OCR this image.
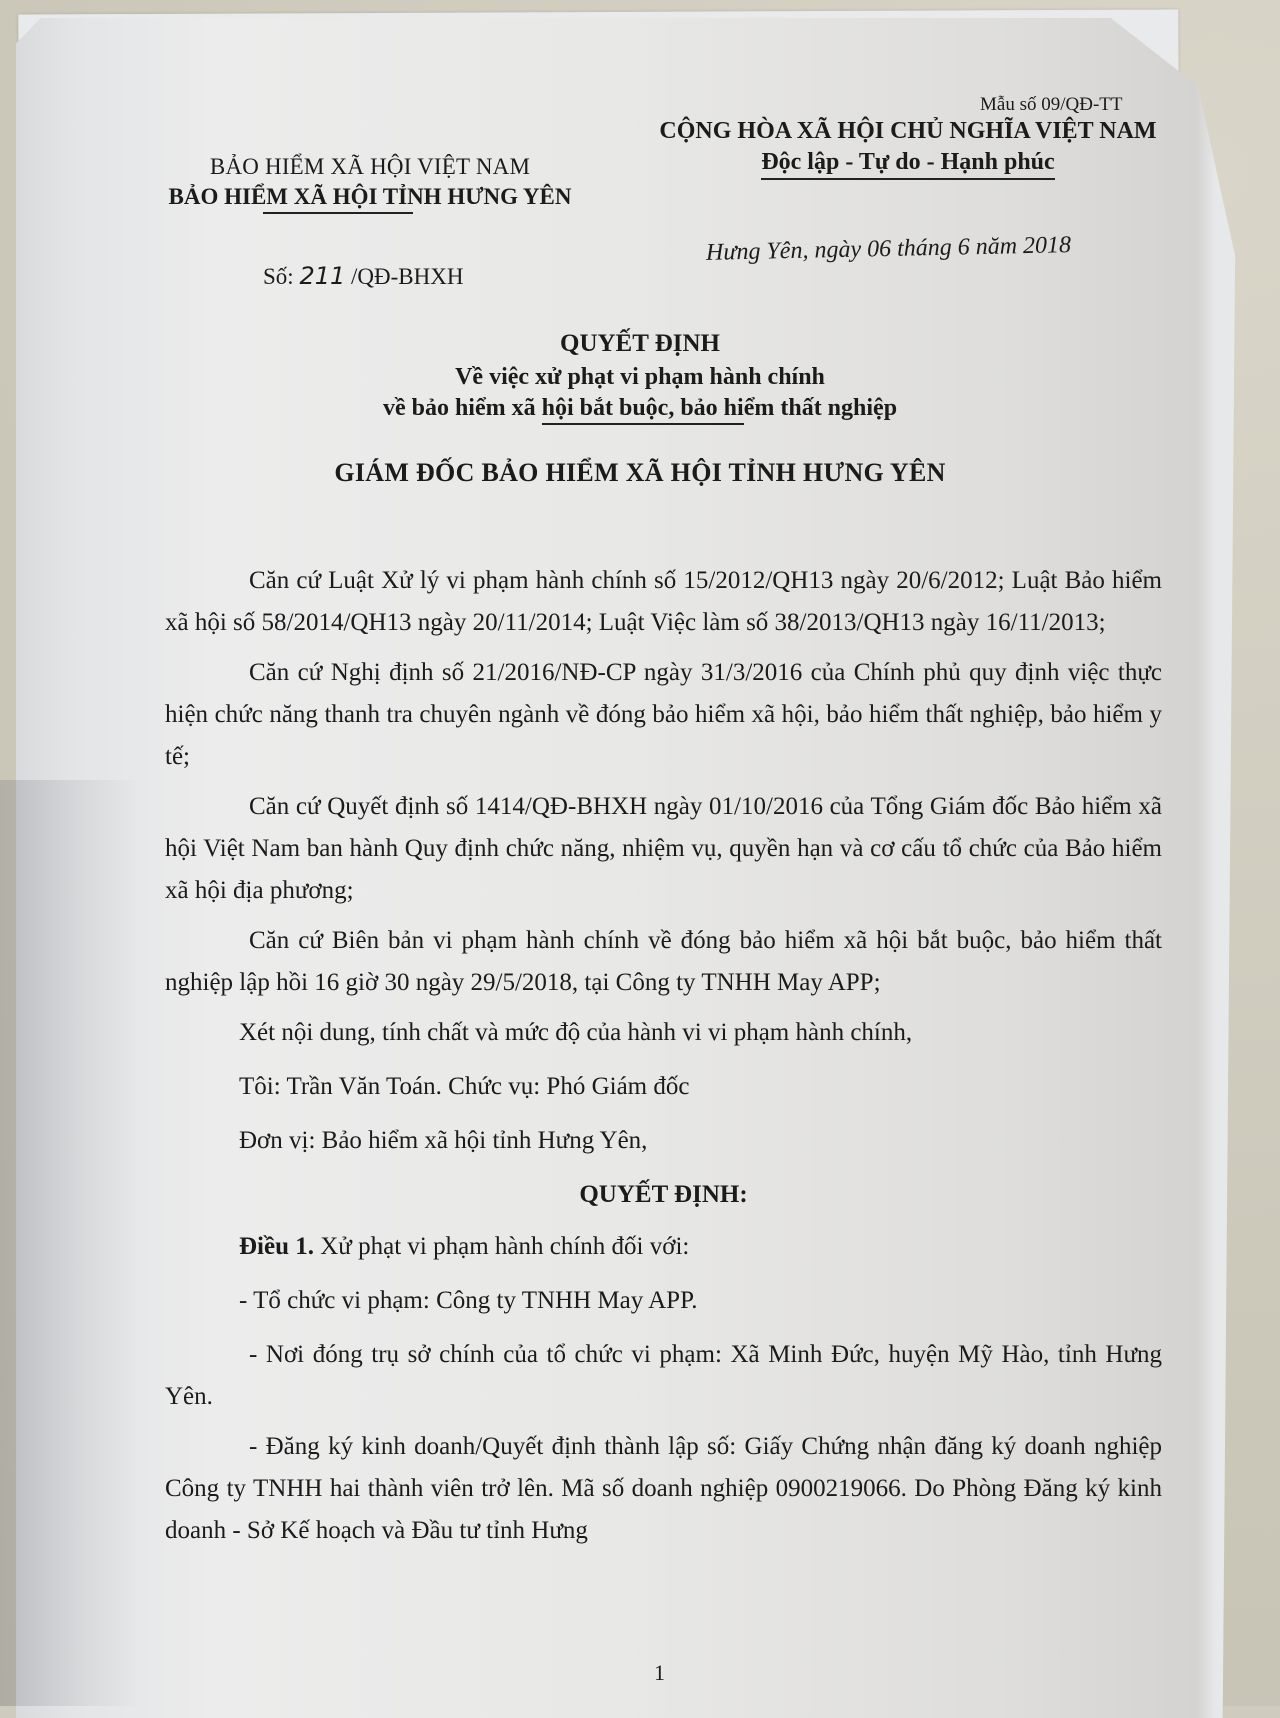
Mẫu số 09/QĐ-TT
BẢO HIỂM XÃ HỘI VIỆT NAM
BẢO HIỂM XÃ HỘI TỈNH HƯNG YÊN
CỘNG HÒA XÃ HỘI CHỦ NGHĨA VIỆT NAM
Độc lập - Tự do - Hạnh phúc
Số: 211 /QĐ-BHXH
Hưng Yên, ngày 06 tháng 6 năm 2018
QUYẾT ĐỊNH
Về việc xử phạt vi phạm hành chính
về bảo hiểm xã hội bắt buộc, bảo hiểm thất nghiệp
GIÁM ĐỐC BẢO HIỂM XÃ HỘI TỈNH HƯNG YÊN

Căn cứ Luật Xử lý vi phạm hành chính số 15/2012/QH13 ngày 20/6/2012; Luật Bảo hiểm xã hội số 58/2014/QH13 ngày 20/11/2014; Luật Việc làm số 38/2013/QH13 ngày 16/11/2013;

Căn cứ Nghị định số 21/2016/NĐ-CP ngày 31/3/2016 của Chính phủ quy định việc thực hiện chức năng thanh tra chuyên ngành về đóng bảo hiểm xã hội, bảo hiểm thất nghiệp, bảo hiểm y tế;

Căn cứ Quyết định số 1414/QĐ-BHXH ngày 01/10/2016 của Tổng Giám đốc Bảo hiểm xã hội Việt Nam ban hành Quy định chức năng, nhiệm vụ, quyền hạn và cơ cấu tổ chức của Bảo hiểm xã hội địa phương;

Căn cứ Biên bản vi phạm hành chính về đóng bảo hiểm xã hội bắt buộc, bảo hiểm thất nghiệp lập hồi 16 giờ 30 ngày 29/5/2018, tại Công ty TNHH May APP;

Xét nội dung, tính chất và mức độ của hành vi vi phạm hành chính,

Tôi: Trần Văn Toán. Chức vụ: Phó Giám đốc

Đơn vị: Bảo hiểm xã hội tỉnh Hưng Yên,

QUYẾT ĐỊNH:

Điều 1. Xử phạt vi phạm hành chính đối với:

- Tổ chức vi phạm: Công ty TNHH May APP.

- Nơi đóng trụ sở chính của tổ chức vi phạm: Xã Minh Đức, huyện Mỹ Hào, tỉnh Hưng Yên.

- Đăng ký kinh doanh/Quyết định thành lập số: Giấy Chứng nhận đăng ký doanh nghiệp Công ty TNHH hai thành viên trở lên. Mã số doanh nghiệp 0900219066. Do Phòng Đăng ký kinh doanh - Sở Kế hoạch và Đầu tư tỉnh Hưng

1
